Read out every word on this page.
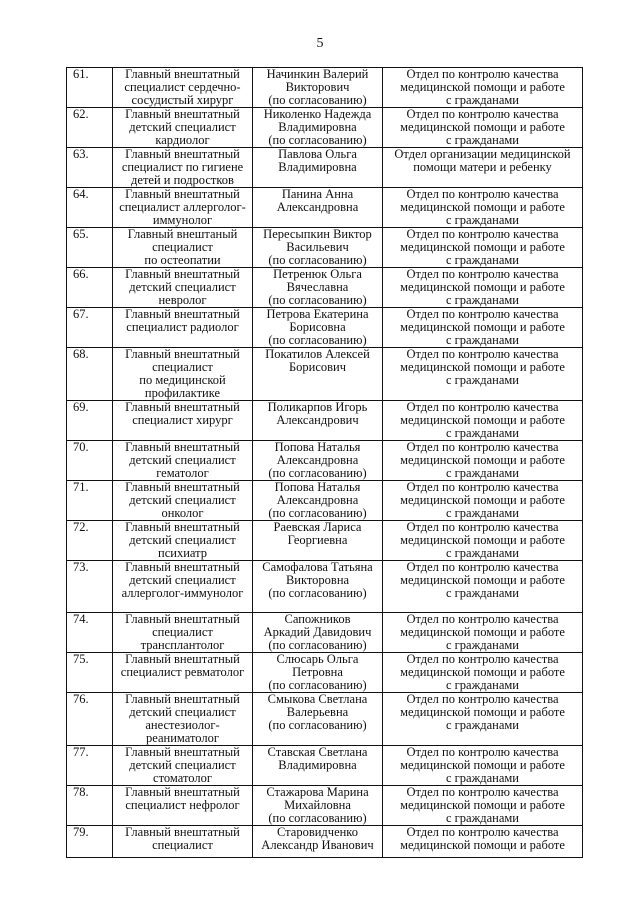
5
61.	Главный внештатный
специалист сердечно-
сосудистый хирург	Начинкин Валерий
Викторович
(по согласованию)	Отдел по контролю качества
медицинской помощи и работе
с гражданами

62.	Главный внештатный
детский специалист
кардиолог	Николенко Надежда
Владимировна
(по согласованию)	Отдел по контролю качества
медицинской помощи и работе
с гражданами

63.	Главный внештатный
специалист по гигиене
детей и подростков	Павлова Ольга
Владимировна	Отдел организации медицинской
помощи матери и ребенку

64.	Главный внештатный
специалист аллерголог-
иммунолог	Панина Анна
Александровна	Отдел по контролю качества
медицинской помощи и работе
с гражданами

65.	Главный внештаный
специалист
по остеопатии	Пересыпкин Виктор
Васильевич
(по согласованию)	Отдел по контролю качества
медицинской помощи и работе
с гражданами

66.	Главный внештатный
детский специалист
невролог	Петренюк Ольга
Вячеславна
(по согласованию)	Отдел по контролю качества
медицинской помощи и работе
с гражданами

67.	Главный внештатный
специалист радиолог	Петрова Екатерина
Борисовна
(по согласованию)	Отдел по контролю качества
медицинской помощи и работе
с гражданами

68.	Главный внештатный
специалист
по медицинской
профилактике	Покатилов Алексей
Борисович	Отдел по контролю качества
медицинской помощи и работе
с гражданами

69.	Главный внештатный
специалист хирург	Поликарпов Игорь
Александрович	Отдел по контролю качества
медицинской помощи и работе
с гражданами

70.	Главный внештатный
детский специалист
гематолог	Попова Наталья
Александровна
(по согласованию)	Отдел по контролю качества
медицинской помощи и работе
с гражданами

71.	Главный внештатный
детский специалист
онколог	Попова Наталья
Александровна
(по согласованию)	Отдел по контролю качества
медицинской помощи и работе
с гражданами

72.	Главный внештатный
детский специалист
психиатр	Раевская Лариса
Георгиевна	Отдел по контролю качества
медицинской помощи и работе
с гражданами

73.	Главный внештатный
детский специалист
аллерголог-иммунолог	Самофалова Татьяна
Викторовна
(по согласованию)	Отдел по контролю качества
медицинской помощи и работе
с гражданами

74.	Главный внештатный
специалист
трансплантолог	Сапожников
Аркадий Давидович
(по согласованию)	Отдел по контролю качества
медицинской помощи и работе
с гражданами

75.	Главный внештатный
специалист ревматолог	Слюсарь Ольга
Петровна
(по согласованию)	Отдел по контролю качества
медицинской помощи и работе
с гражданами

76.	Главный внештатный
детский специалист
анестезиолог-
реаниматолог	Смыкова Светлана
Валерьевна
(по согласованию)	Отдел по контролю качества
медицинской помощи и работе
с гражданами

77.	Главный внештатный
детский специалист
стоматолог	Ставская Светлана
Владимировна	Отдел по контролю качества
медицинской помощи и работе
с гражданами

78.	Главный внештатный
специалист нефролог	Стажарова Марина
Михайловна
(по согласованию)	Отдел по контролю качества
медицинской помощи и работе
с гражданами

79.	Главный внештатный
специалист	Старовидченко
Александр Иванович	Отдел по контролю качества
медицинской помощи и работе
